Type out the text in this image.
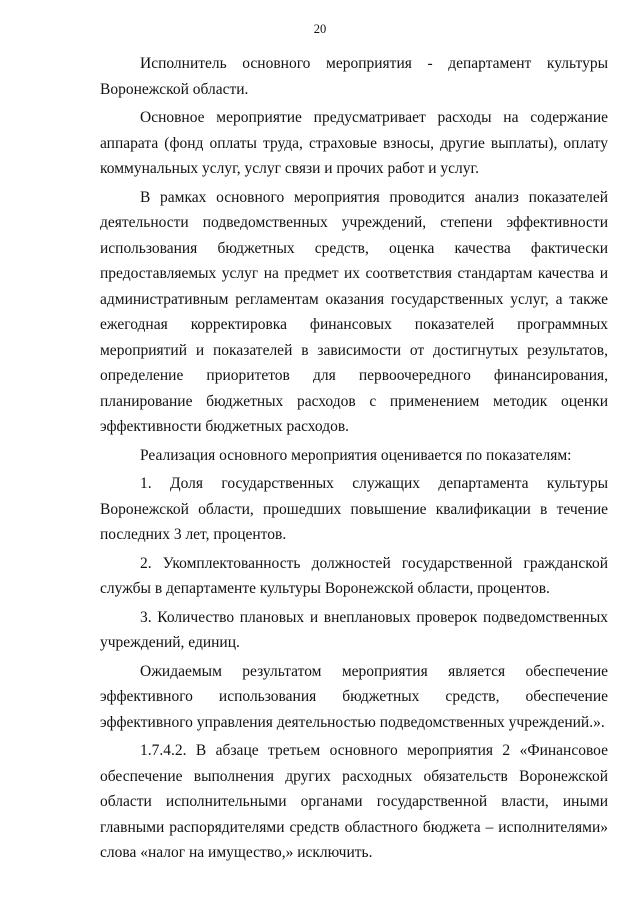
20

Исполнитель основного мероприятия - департамент культуры Воронежской области.

Основное мероприятие предусматривает расходы на содержание аппарата (фонд оплаты труда, страховые взносы, другие выплаты), оплату коммунальных услуг, услуг связи и прочих работ и услуг.

В рамках основного мероприятия проводится анализ показателей деятельности подведомственных учреждений, степени эффективности использования бюджетных средств, оценка качества фактически предоставляемых услуг на предмет их соответствия стандартам качества и административным регламентам оказания государственных услуг, а также ежегодная корректировка финансовых показателей программных мероприятий и показателей в зависимости от достигнутых результатов, определение приоритетов для первоочередного финансирования, планирование бюджетных расходов с применением методик оценки эффективности бюджетных расходов.

Реализация основного мероприятия оценивается по показателям:

1. Доля государственных служащих департамента культуры Воронежской области, прошедших повышение квалификации в течение последних 3 лет, процентов.

2. Укомплектованность должностей государственной гражданской службы в департаменте культуры Воронежской области, процентов.

3. Количество плановых и внеплановых проверок подведомственных учреждений, единиц.

Ожидаемым результатом мероприятия является обеспечение эффективного использования бюджетных средств, обеспечение эффективного управления деятельностью подведомственных учреждений.».

1.7.4.2. В абзаце третьем основного мероприятия 2 «Финансовое обеспечение выполнения других расходных обязательств Воронежской области исполнительными органами государственной власти, иными главными распорядителями средств областного бюджета – исполнителями» слова «налог на имущество,» исключить.
